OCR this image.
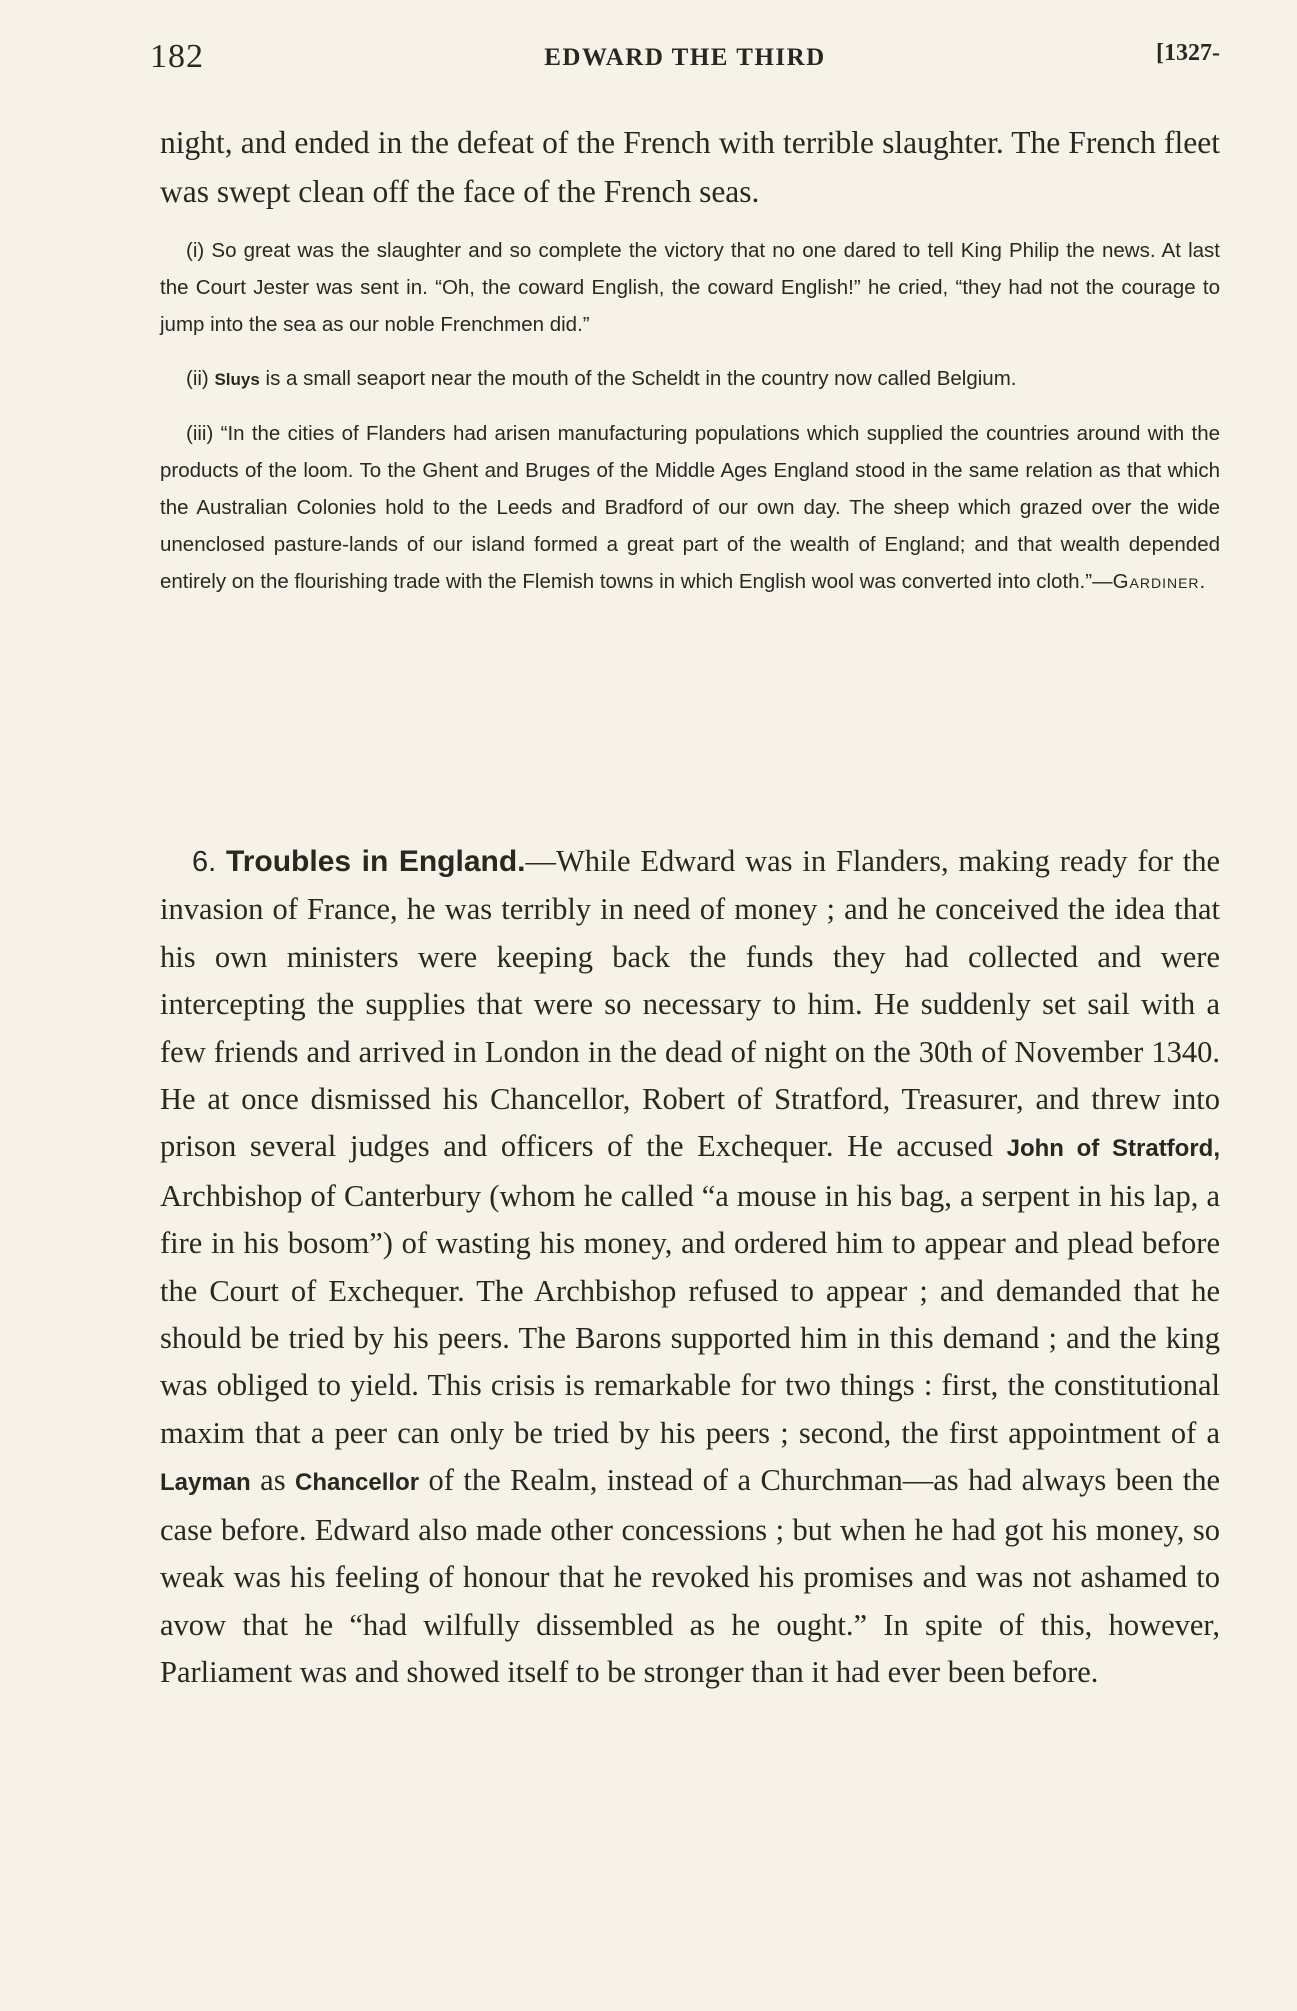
182	EDWARD THE THIRD	[1327-

night, and ended in the defeat of the French with terrible slaughter. The French fleet was swept clean off the face of the French seas.

(i) So great was the slaughter and so complete the victory that no one dared to tell King Philip the news. At last the Court Jester was sent in. “Oh, the coward English, the coward English!” he cried, “they had not the courage to jump into the sea as our noble Frenchmen did.”

(ii) Sluys is a small seaport near the mouth of the Scheldt in the country now called Belgium.

(iii) “In the cities of Flanders had arisen manufacturing populations which supplied the countries around with the products of the loom. To the Ghent and Bruges of the Middle Ages England stood in the same relation as that which the Australian Colonies hold to the Leeds and Bradford of our own day. The sheep which grazed over the wide unenclosed pasture-lands of our island formed a great part of the wealth of England; and that wealth depended entirely on the flourishing trade with the Flemish towns in which English wool was converted into cloth.”—Gardiner.

6. Troubles in England.—While Edward was in Flanders, making ready for the invasion of France, he was terribly in need of money ; and he conceived the idea that his own ministers were keeping back the funds they had collected and were intercepting the supplies that were so necessary to him. He suddenly set sail with a few friends and arrived in London in the dead of night on the 30th of November 1340. He at once dismissed his Chancellor, Robert of Stratford, Treasurer, and threw into prison several judges and officers of the Exchequer. He accused John of Stratford, Archbishop of Canterbury (whom he called “a mouse in his bag, a serpent in his lap, a fire in his bosom”) of wasting his money, and ordered him to appear and plead before the Court of Exchequer. The Archbishop refused to appear ; and demanded that he should be tried by his peers. The Barons supported him in this demand ; and the king was obliged to yield. This crisis is remarkable for two things : first, the constitutional maxim that a peer can only be tried by his peers ; second, the first appointment of a Layman as Chancellor of the Realm, instead of a Churchman—as had always been the case before. Edward also made other concessions ; but when he had got his money, so weak was his feeling of honour that he revoked his promises and was not ashamed to avow that he “had wilfully dissembled as he ought.” In spite of this, however, Parliament was and showed itself to be stronger than it had ever been before.
